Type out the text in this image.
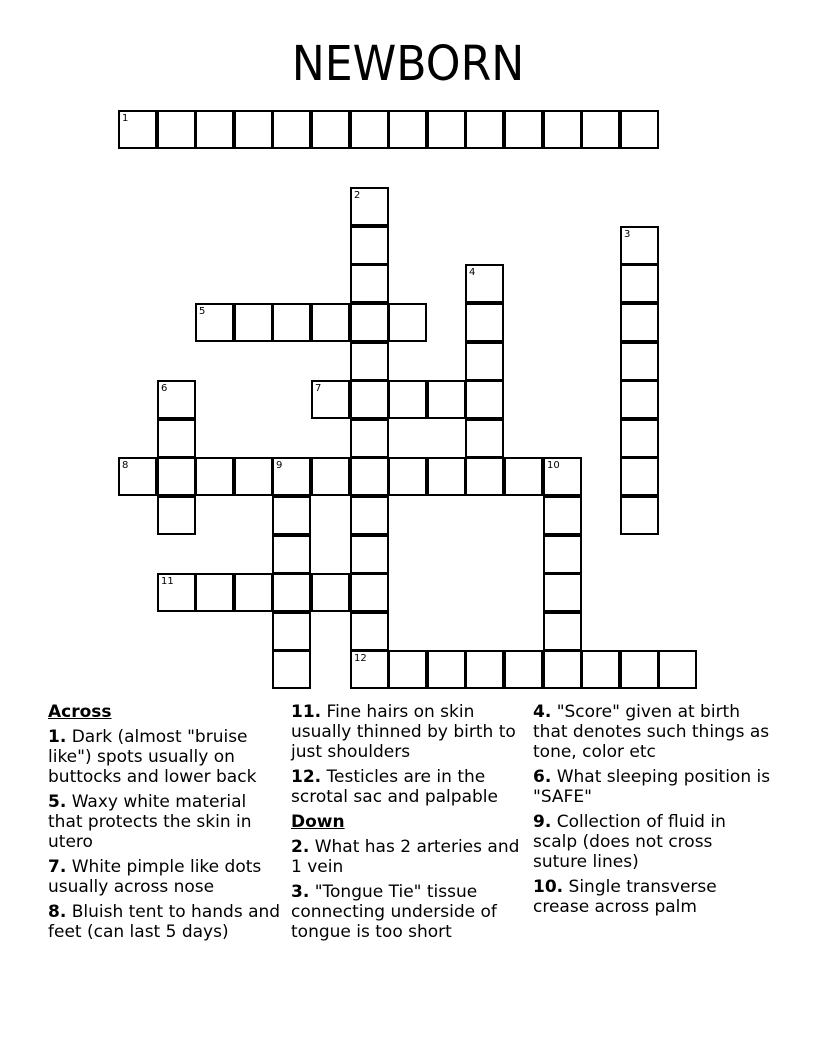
NEWBORN
1
2
12
3
4
5
6	7
8	9	10
11
Across
1. Dark (almost "bruise like") spots usually on buttocks and lower back
5. Waxy white material that protects the skin in utero
7. White pimple like dots usually across nose
8. Bluish tent to hands and feet (can last 5 days)
11. Fine hairs on skin usually thinned by birth to just shoulders
12. Testicles are in the scrotal sac and palpable
Down
2. What has 2 arteries and 1 vein
3. "Tongue Tie" tissue connecting underside of tongue is too short
4. "Score" given at birth that denotes such things as tone, color etc
6. What sleeping position is "SAFE"
9. Collection of fluid in scalp (does not cross suture lines)
10. Single transverse crease across palm
